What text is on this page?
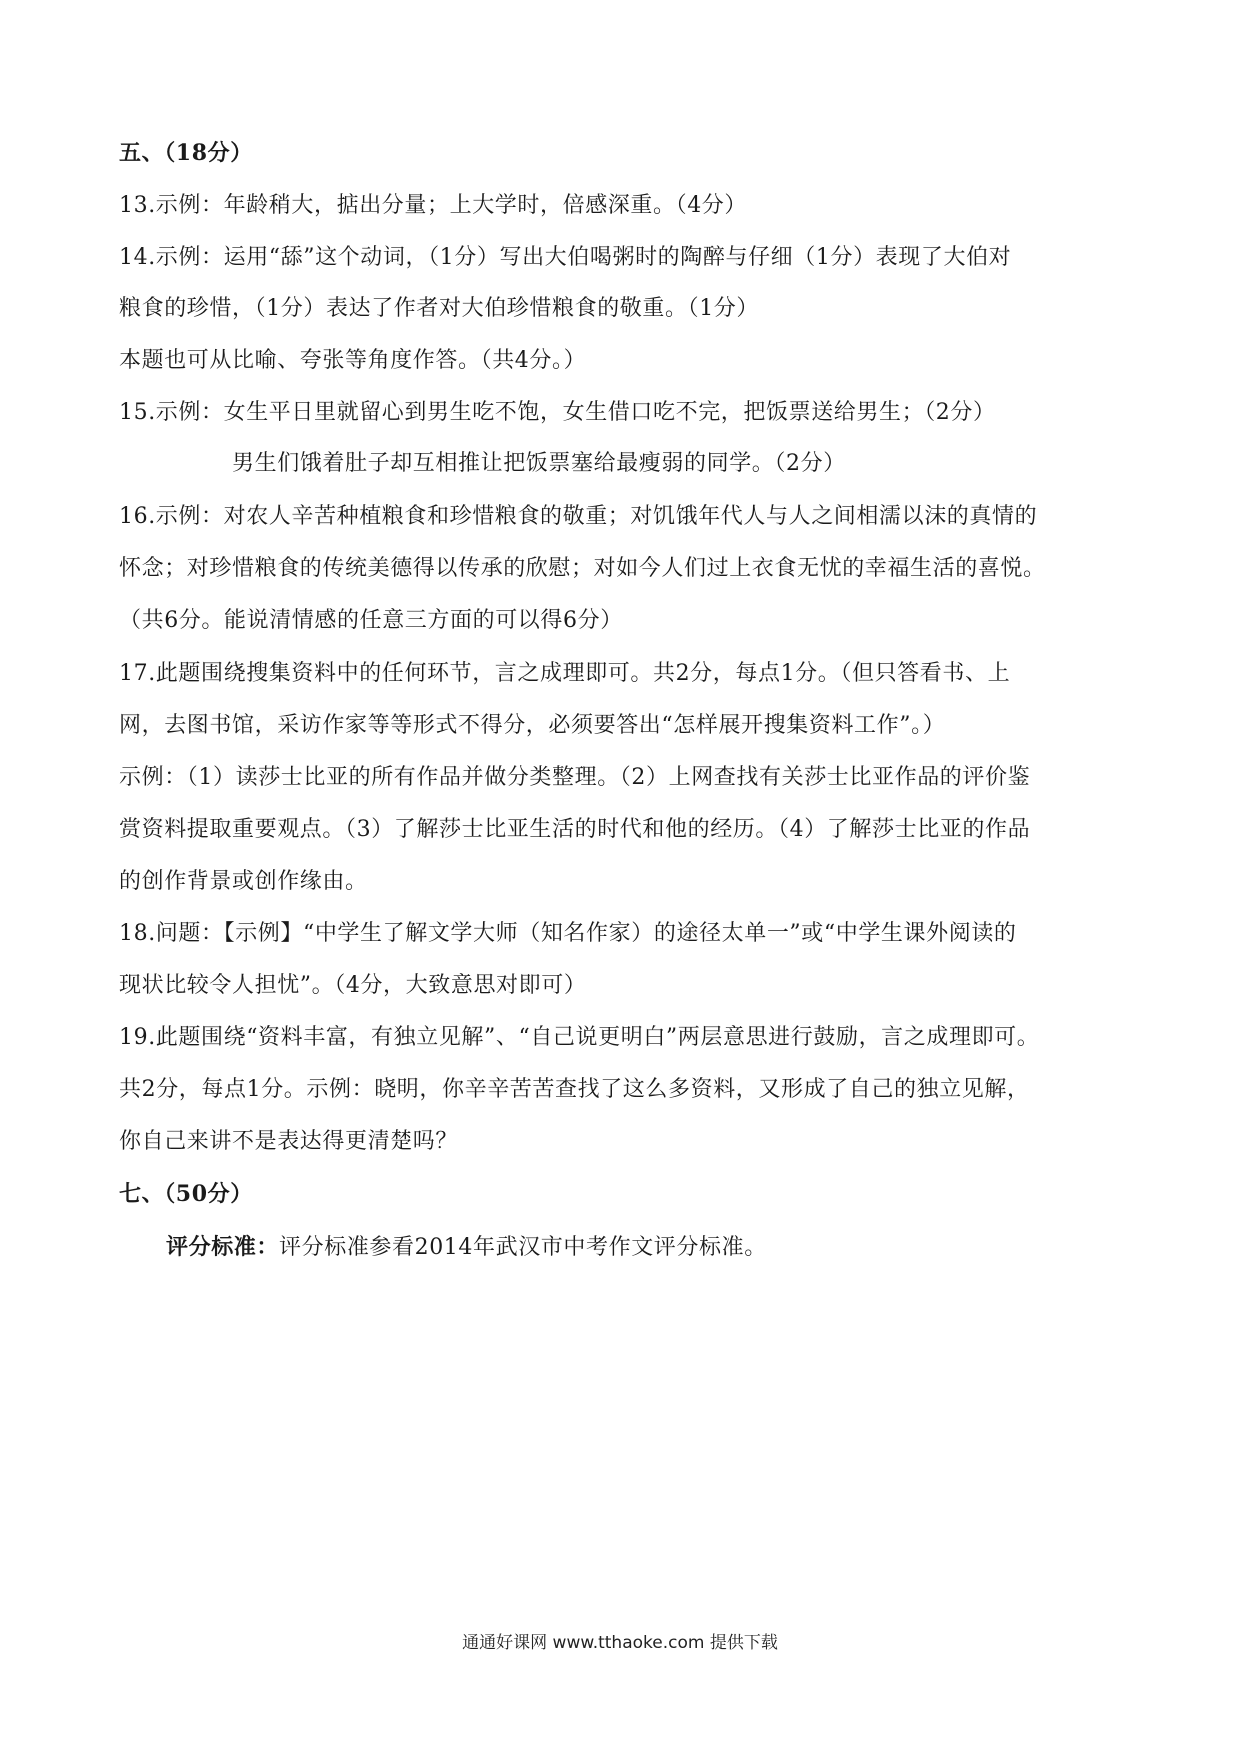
五、（18分）
13.示例：年龄稍大，掂出分量；上大学时，倍感深重。（4分）
14.示例：运用“舔”这个动词，（1分）写出大伯喝粥时的陶醉与仔细（1分）表现了大伯对
粮食的珍惜，（1分）表达了作者对大伯珍惜粮食的敬重。（1分）
本题也可从比喻、夸张等角度作答。（共4分。）
15.示例：女生平日里就留心到男生吃不饱，女生借口吃不完，把饭票送给男生；（2分）
男生们饿着肚子却互相推让把饭票塞给最瘦弱的同学。（2分）
16.示例：对农人辛苦种植粮食和珍惜粮食的敬重；对饥饿年代人与人之间相濡以沫的真情的
怀念；对珍惜粮食的传统美德得以传承的欣慰；对如今人们过上衣食无忧的幸福生活的喜悦。
（共6分。能说清情感的任意三方面的可以得6分）
17.此题围绕搜集资料中的任何环节，言之成理即可。共2分，每点1分。（但只答看书、上
网，去图书馆，采访作家等等形式不得分，必须要答出“怎样展开搜集资料工作”。）
示例：（1）读莎士比亚的所有作品并做分类整理。（2）上网查找有关莎士比亚作品的评价鉴
赏资料提取重要观点。（3）了解莎士比亚生活的时代和他的经历。（4）了解莎士比亚的作品
的创作背景或创作缘由。
18.问题：【示例】“中学生了解文学大师（知名作家）的途径太单一”或“中学生课外阅读的
现状比较令人担忧”。（4分，大致意思对即可）
19.此题围绕“资料丰富，有独立见解”、“自己说更明白”两层意思进行鼓励，言之成理即可。
共2分，每点1分。示例：晓明，你辛辛苦苦查找了这么多资料，又形成了自己的独立见解，
你自己来讲不是表达得更清楚吗？
七、（50分）
评分标准：评分标准参看2014年武汉市中考作文评分标准。
通通好课网 www.tthaoke.com 提供下载
